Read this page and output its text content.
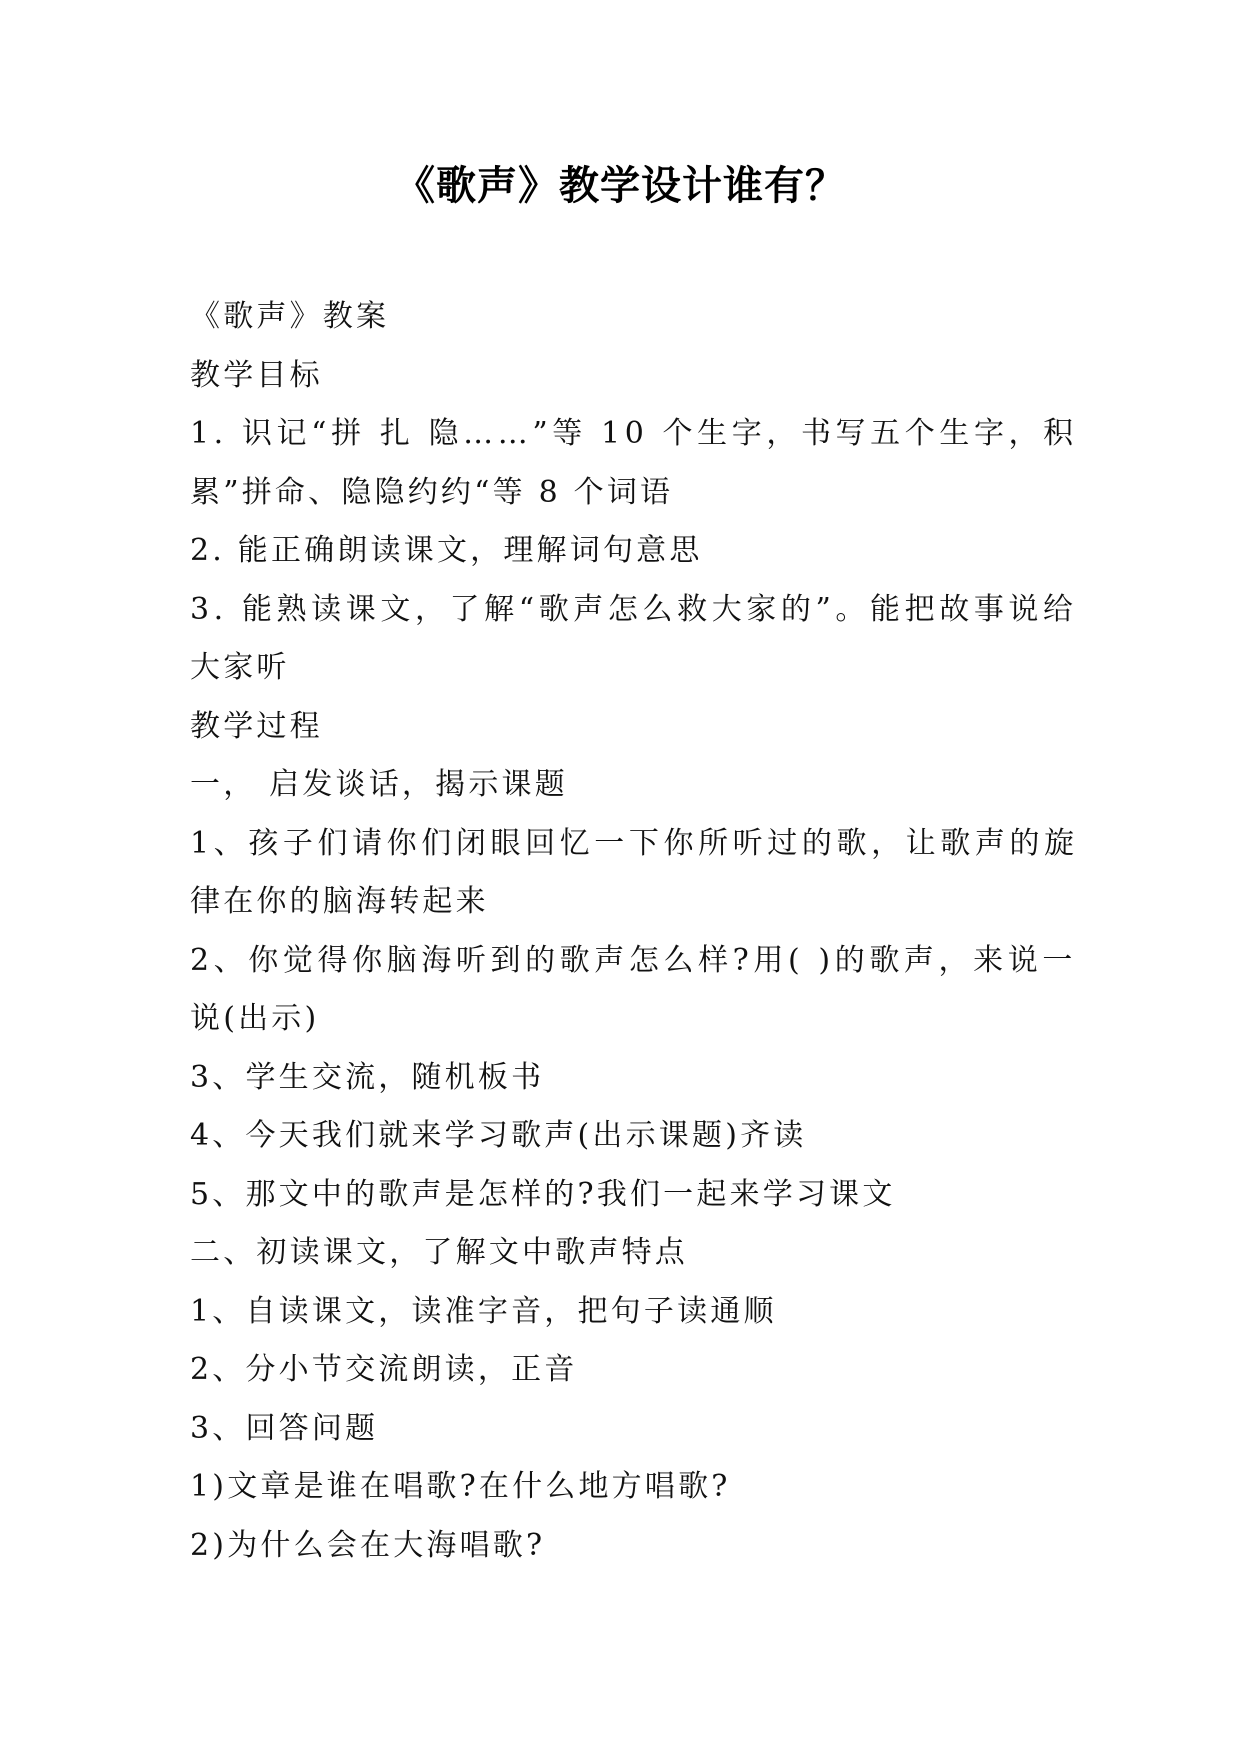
《歌声》教学设计谁有？
《歌声》教案
教学目标
1. 识记“拼 扎 隐……”等 10 个生字，书写五个生字，积
累”拼命、隐隐约约“等 8 个词语
2. 能正确朗读课文，理解词句意思
3. 能熟读课文，了解“歌声怎么救大家的”。能把故事说给
大家听
教学过程
一， 启发谈话，揭示课题
1、孩子们请你们闭眼回忆一下你所听过的歌，让歌声的旋
律在你的脑海转起来
2、你觉得你脑海听到的歌声怎么样?用( )的歌声，来说一
说(出示)
3、学生交流，随机板书
4、今天我们就来学习歌声(出示课题)齐读
5、那文中的歌声是怎样的?我们一起来学习课文
二、初读课文，了解文中歌声特点
1、自读课文，读准字音，把句子读通顺
2、分小节交流朗读，正音
3、回答问题
1)文章是谁在唱歌?在什么地方唱歌?
2)为什么会在大海唱歌?
